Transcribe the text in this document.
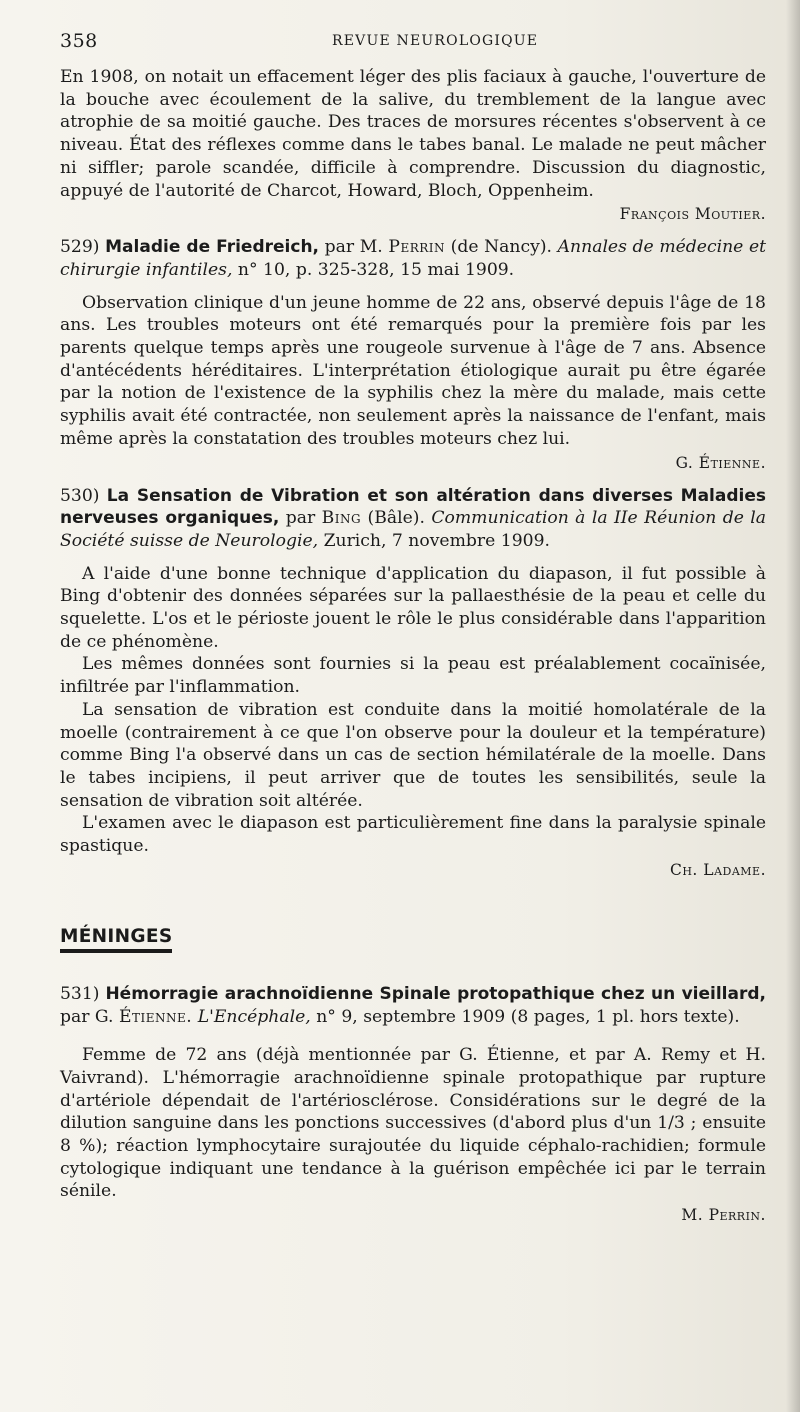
358	REVUE NEUROLOGIQUE

En 1908, on notait un effacement léger des plis faciaux à gauche, l'ouverture de la bouche avec écoulement de la salive, du tremblement de la langue avec atrophie de sa moitié gauche. Des traces de morsures récentes s'observent à ce niveau. État des réflexes comme dans le tabes banal. Le malade ne peut mâcher ni siffler; parole scandée, difficile à comprendre. Discussion du diagnostic, appuyé de l'autorité de Charcot, Howard, Bloch, Oppenheim.

François Moutier.
529) Maladie de Friedreich, par M. Perrin (de Nancy). Annales de médecine et chirurgie infantiles, n° 10, p. 325-328, 15 mai 1909.

Observation clinique d'un jeune homme de 22 ans, observé depuis l'âge de 18 ans. Les troubles moteurs ont été remarqués pour la première fois par les parents quelque temps après une rougeole survenue à l'âge de 7 ans. Absence d'antécédents héréditaires. L'interprétation étiologique aurait pu être égarée par la notion de l'existence de la syphilis chez la mère du malade, mais cette syphilis avait été contractée, non seulement après la naissance de l'enfant, mais même après la constatation des troubles moteurs chez lui.

G. Étienne.
530) La Sensation de Vibration et son altération dans diverses Maladies nerveuses organiques, par Bing (Bâle). Communication à la IIe Réunion de la Société suisse de Neurologie, Zurich, 7 novembre 1909.

A l'aide d'une bonne technique d'application du diapason, il fut possible à Bing d'obtenir des données séparées sur la pallaesthésie de la peau et celle du squelette. L'os et le périoste jouent le rôle le plus considérable dans l'apparition de ce phénomène.

Les mêmes données sont fournies si la peau est préalablement cocaïnisée, infiltrée par l'inflammation.

La sensation de vibration est conduite dans la moitié homolatérale de la moelle (contrairement à ce que l'on observe pour la douleur et la température) comme Bing l'a observé dans un cas de section hémilatérale de la moelle. Dans le tabes incipiens, il peut arriver que de toutes les sensibilités, seule la sensation de vibration soit altérée.

L'examen avec le diapason est particulièrement fine dans la paralysie spinale spastique.

Ch. Ladame.
MÉNINGES
531) Hémorragie arachnoïdienne Spinale protopathique chez un vieillard, par G. Étienne. L'Encéphale, n° 9, septembre 1909 (8 pages, 1 pl. hors texte).

Femme de 72 ans (déjà mentionnée par G. Étienne, et par A. Remy et H. Vaivrand). L'hémorragie arachnoïdienne spinale protopathique par rupture d'artériole dépendait de l'artériosclérose. Considérations sur le degré de la dilution sanguine dans les ponctions successives (d'abord plus d'un 1/3 ; ensuite 8 %); réaction lymphocytaire surajoutée du liquide céphalo-rachidien; formule cytologique indiquant une tendance à la guérison empêchée ici par le terrain sénile.

M. Perrin.
